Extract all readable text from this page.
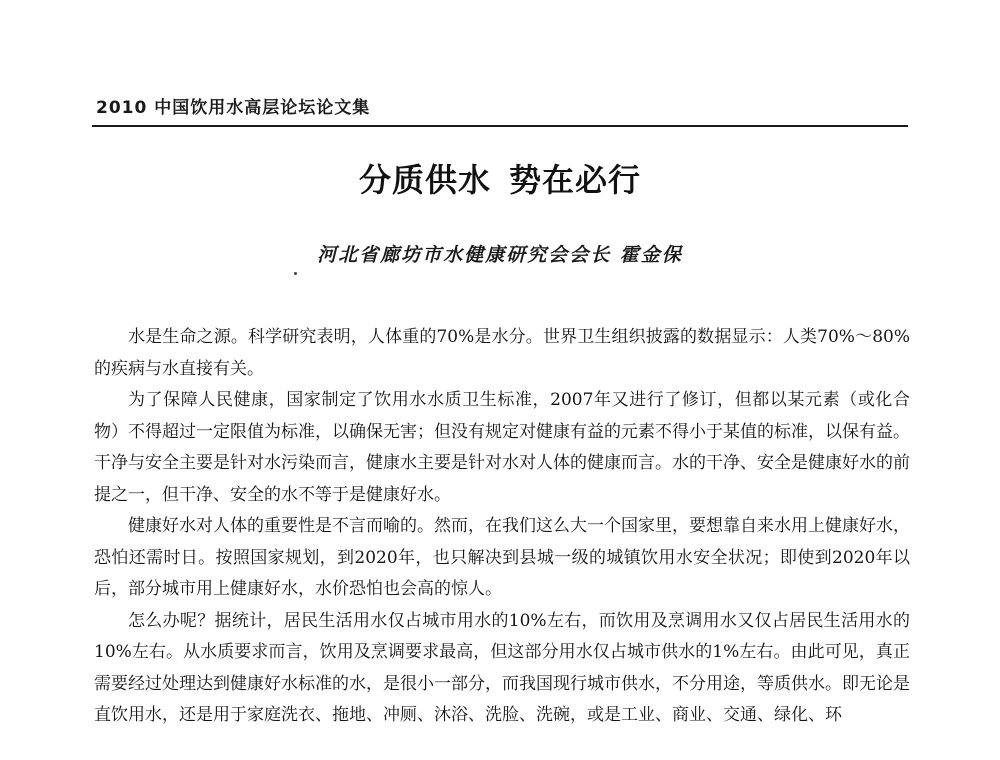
2010 中国饮用水高层论坛论文集
分质供水 势在必行
河北省廊坊市水健康研究会会长 霍金保

水是生命之源。科学研究表明，人体重的70%是水分。世界卫生组织披露的数据显示：人类70%～80%的疾病与水直接有关。

为了保障人民健康，国家制定了饮用水水质卫生标准，2007年又进行了修订，但都以某元素（或化合物）不得超过一定限值为标准，以确保无害；但没有规定对健康有益的元素不得小于某值的标准，以保有益。干净与安全主要是针对水污染而言，健康水主要是针对水对人体的健康而言。水的干净、安全是健康好水的前提之一，但干净、安全的水不等于是健康好水。

健康好水对人体的重要性是不言而喻的。然而，在我们这么大一个国家里，要想靠自来水用上健康好水，恐怕还需时日。按照国家规划，到2020年，也只解决到县城一级的城镇饮用水安全状况；即使到2020年以后，部分城市用上健康好水，水价恐怕也会高的惊人。

怎么办呢？据统计，居民生活用水仅占城市用水的10%左右，而饮用及烹调用水又仅占居民生活用水的10%左右。从水质要求而言，饮用及烹调要求最高，但这部分用水仅占城市供水的1%左右。由此可见，真正需要经过处理达到健康好水标准的水，是很小一部分，而我国现行城市供水，不分用途，等质供水。即无论是直饮用水，还是用于家庭洗衣、拖地、冲厕、沐浴、洗脸、洗碗，或是工业、商业、交通、绿化、环
